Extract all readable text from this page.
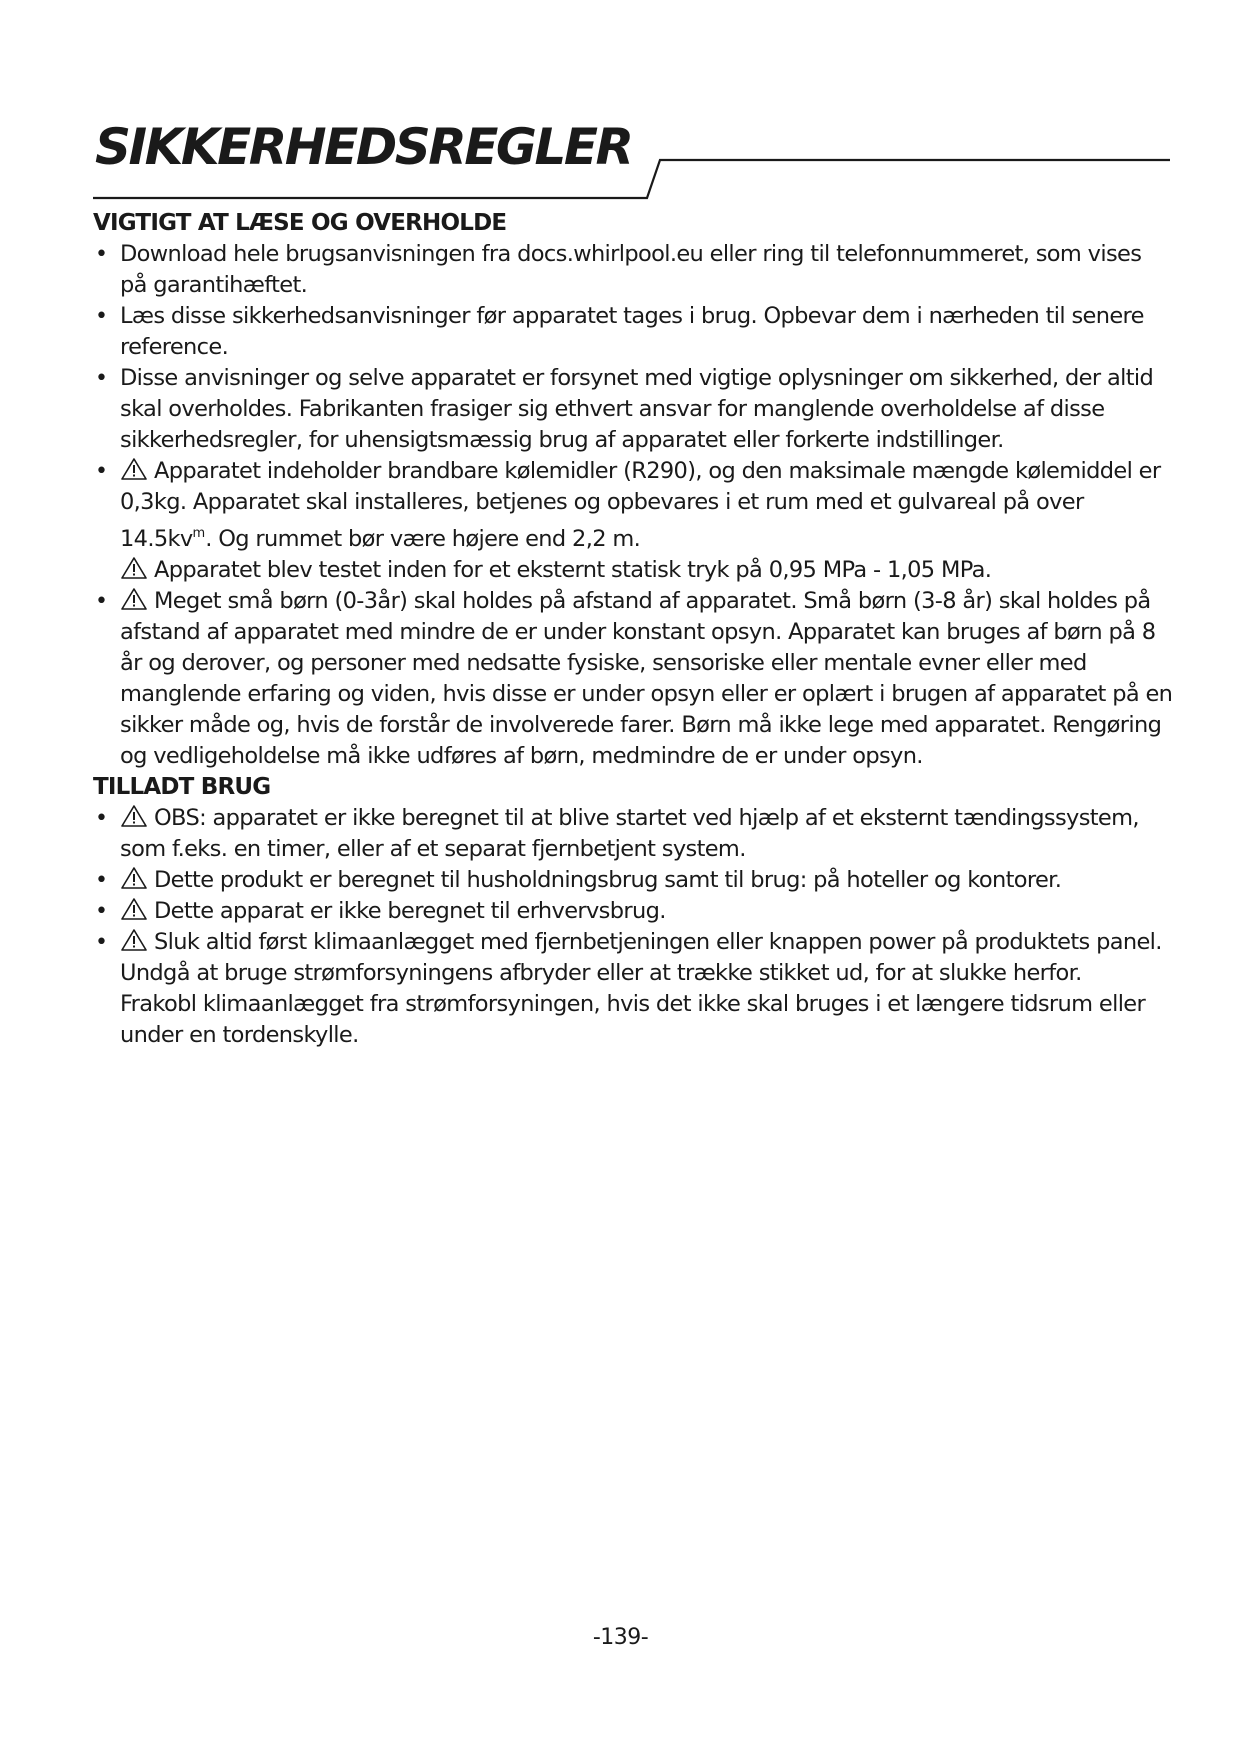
SIKKERHEDSREGLER
VIGTIGT AT LÆSE OG OVERHOLDE
• Download hele brugsanvisningen fra docs.whirlpool.eu eller ring til telefonnummeret, som vises på garantihæftet.

• Læs disse sikkerhedsanvisninger før apparatet tages i brug. Opbevar dem i nærheden til senere reference.

• Disse anvisninger og selve apparatet er forsynet med vigtige oplysninger om sikkerhed, der altid skal overholdes. Fabrikanten frasiger sig ethvert ansvar for manglende overholdelse af disse sikkerhedsregler, for uhensigtsmæssig brug af apparatet eller forkerte indstillinger.

•	Apparatet indeholder brandbare kølemidler (R290), og den maksimale mængde kølemiddel er 0,3kg. Apparatet skal installeres, betjenes og opbevares i et rum med et gulvareal på over $14.5kv^m$. Og rummet bør være højere end 2,2 m.

Apparatet blev testet inden for et eksternt statisk tryk på 0,95 MPa - 1,05 MPa.

•	Meget små børn (0-3år) skal holdes på afstand af apparatet. Små børn (3-8 år) skal holdes på afstand af apparatet med mindre de er under konstant opsyn. Apparatet kan bruges af børn på 8 år og derover, og personer med nedsatte fysiske, sensoriske eller mentale evner eller med manglende erfaring og viden, hvis disse er under opsyn eller er oplært i brugen af apparatet på en sikker måde og, hvis de forstår de involverede farer. Børn må ikke lege med apparatet. Rengøring og vedligeholdelse må ikke udføres af børn, medmindre de er under opsyn.

TILLADT BRUG
•	OBS: apparatet er ikke beregnet til at blive startet ved hjælp af et eksternt tændingssystem, som f.eks. en timer, eller af et separat fjernbetjent system.

•	Dette produkt er beregnet til husholdningsbrug samt til brug: på hoteller og kontorer.

•	Dette apparat er ikke beregnet til erhvervsbrug.

•	Sluk altid først klimaanlægget med fjernbetjeningen eller knappen power på produktets panel.

Undgå at bruge strømforsyningens afbryder eller at trække stikket ud, for at slukke herfor.

Frakobl klimaanlægget fra strømforsyningen, hvis det ikke skal bruges i et længere tidsrum eller under en tordenskylle.

-139-
